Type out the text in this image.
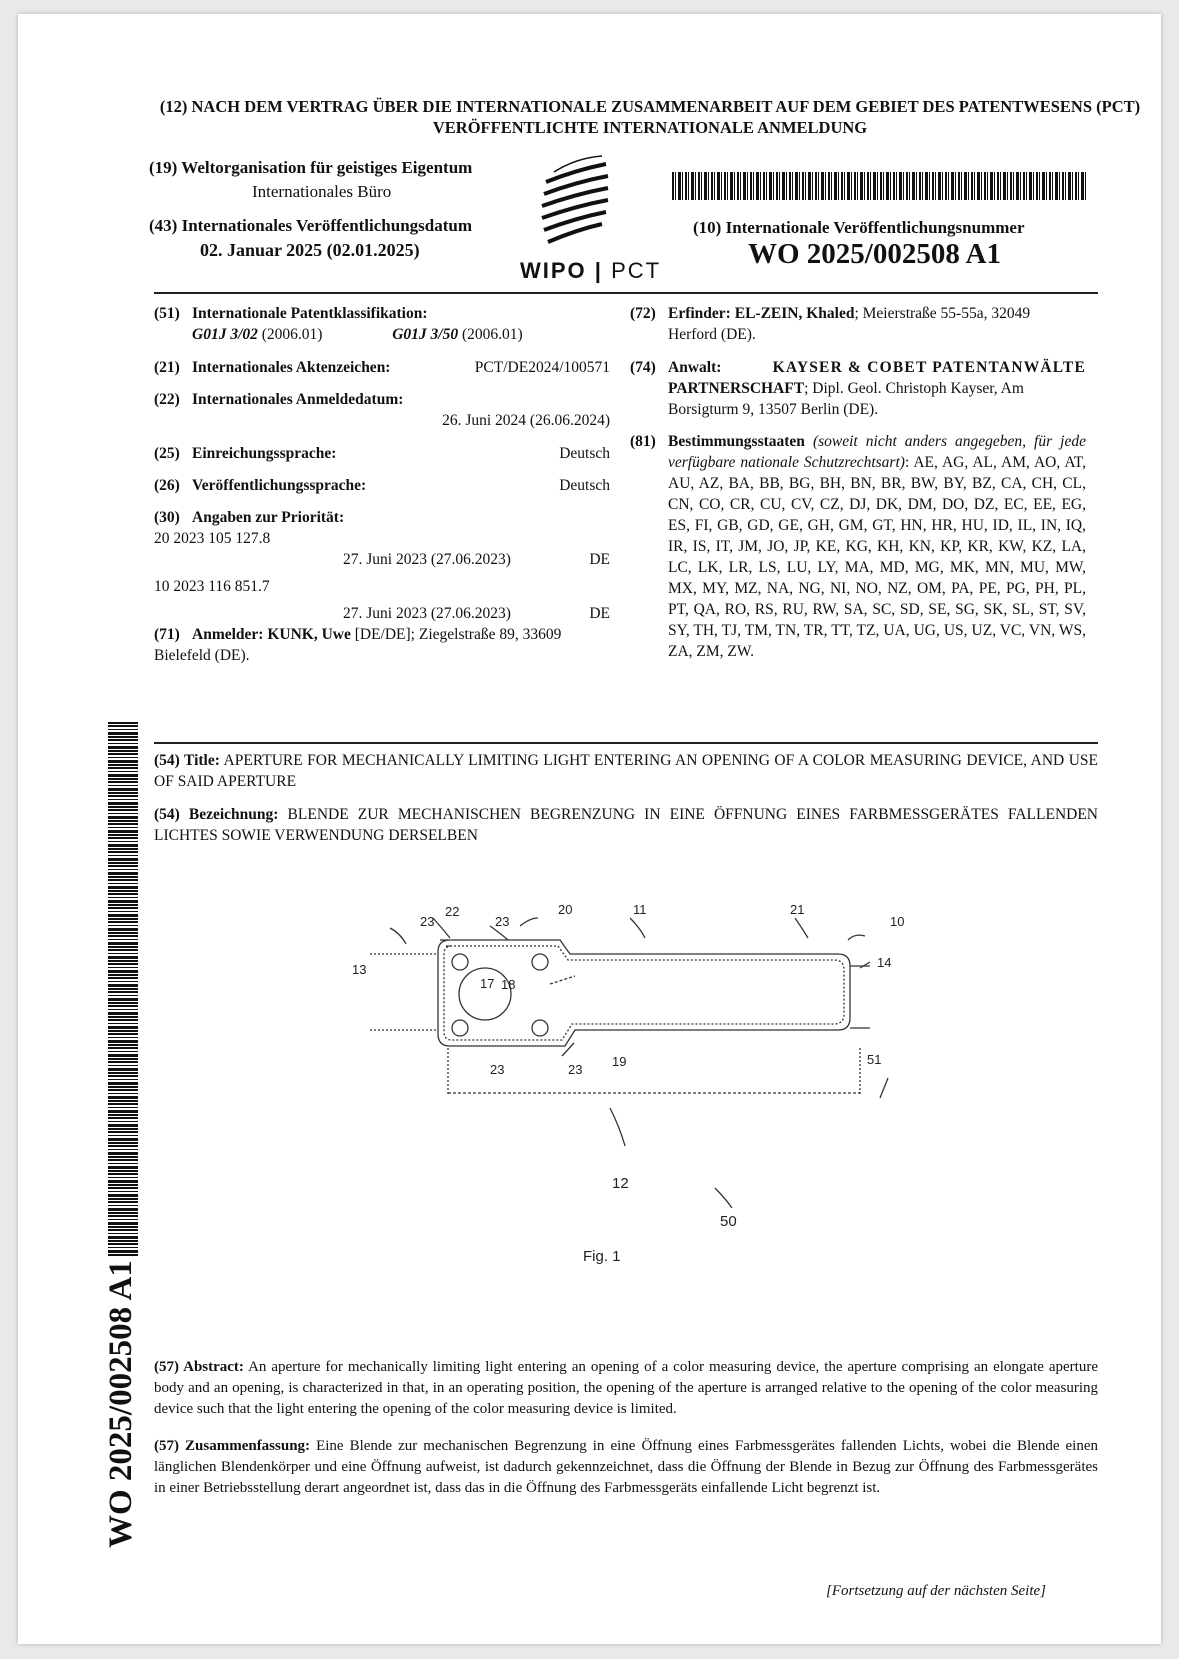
(12) NACH DEM VERTRAG ÜBER DIE INTERNATIONALE ZUSAMMENARBEIT AUF DEM GEBIET DES PATENTWESENS (PCT) VERÖFFENTLICHTE INTERNATIONALE ANMELDUNG
(19) Weltorganisation für geistiges Eigentum
Internationales Büro
(43) Internationales Veröffentlichungsdatum
02. Januar 2025 (02.01.2025)
WIPO | PCT
(10) Internationale Veröffentlichungsnummer
WO 2025/002508 A1
(51) Internationale Patentklassifikation:
G01J 3/02 (2006.01)	G01J 3/50 (2006.01)
(21) Internationales Aktenzeichen:	PCT/DE2024/100571
(22) Internationales Anmeldedatum:
26. Juni 2024 (26.06.2024)
(25) Einreichungssprache:	Deutsch
(26) Veröffentlichungssprache:	Deutsch
(30) Angaben zur Priorität:
20 2023 105 127.8
27. Juni 2023 (27.06.2023)	DE
10 2023 116 851.7
27. Juni 2023 (27.06.2023)	DE
(71) Anmelder: KUNK, Uwe [DE/DE]; Ziegelstraße 89, 33609
Bielefeld (DE).
(72) Erfinder: EL-ZEIN, Khaled; Meierstraße 55-55a, 32049
Herford (DE).
(74) Anwalt:	KAYSER & COBET PATENTANWÄLTE
PARTNERSCHAFT; Dipl. Geol. Christoph Kayser, Am
Borsigturm 9, 13507 Berlin (DE).
(81) Bestimmungsstaaten (soweit nicht anders angegeben, für jede verfügbare nationale Schutzrechtsart): AE, AG, AL, AM, AO, AT, AU, AZ, BA, BB, BG, BH, BN, BR, BW, BY, BZ, CA, CH, CL, CN, CO, CR, CU, CV, CZ, DJ, DK, DM, DO, DZ, EC, EE, EG, ES, FI, GB, GD, GE, GH, GM, GT, HN, HR, HU, ID, IL, IN, IQ, IR, IS, IT, JM, JO, JP, KE, KG, KH, KN, KP, KR, KW, KZ, LA, LC, LK, LR, LS, LU, LY, MA, MD, MG, MK, MN, MU, MW, MX, MY, MZ, NA, NG, NI, NO, NZ, OM, PA, PE, PG, PH, PL, PT, QA, RO, RS, RU, RW, SA, SC, SD, SE, SG, SK, SL, ST, SV, SY, TH, TJ, TM, TN, TR, TT, TZ, UA, UG, US, UZ, VC, VN, WS, ZA, ZM, ZW.
WO 2025/002508 A1
(54) Title: APERTURE FOR MECHANICALLY LIMITING LIGHT ENTERING AN OPENING OF A COLOR MEASURING DEVICE, AND USE OF SAID APERTURE
(54) Bezeichnung: BLENDE ZUR MECHANISCHEN BEGRENZUNG IN EINE ÖFFNUNG EINES FARBMESSGERÄTES FALLENDEN LICHTES SOWIE VERWENDUNG DERSELBEN
22
23	23
20	11	21
10
13	14
17 18
23	23
19	51
12
50
Fig. 1
(57) Abstract: An aperture for mechanically limiting light entering an opening of a color measuring device, the aperture comprising an elongate aperture body and an opening, is characterized in that, in an operating position, the opening of the aperture is arranged relative to the opening of the color measuring device such that the light entering the opening of the color measuring device is limited.
(57) Zusammenfassung: Eine Blende zur mechanischen Begrenzung in eine Öffnung eines Farbmessgerätes fallenden Lichts, wobei die Blende einen länglichen Blendenkörper und eine Öffnung aufweist, ist dadurch gekennzeichnet, dass die Öffnung der Blende in Bezug zur Öffnung des Farbmessgerätes in einer Betriebsstellung derart angeordnet ist, dass das in die Öffnung des Farbmessgeräts einfallende Licht begrenzt ist.
[Fortsetzung auf der nächsten Seite]
